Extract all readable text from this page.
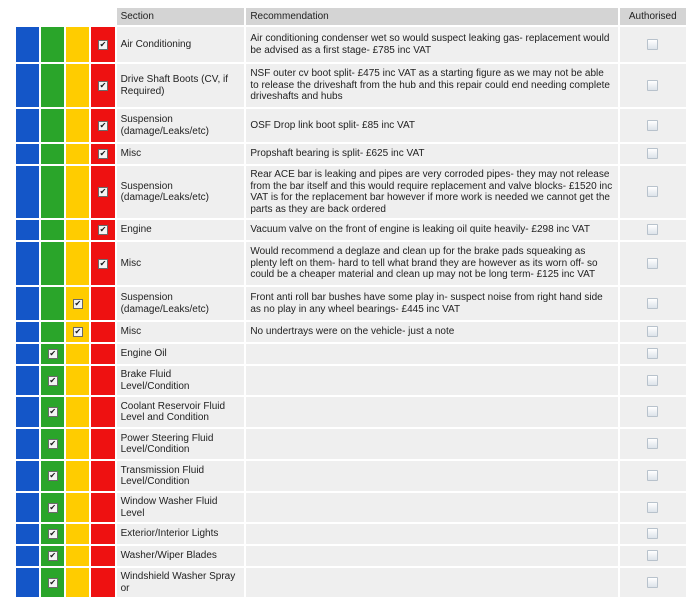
				Section	Recommendation	Authorised

✔	Air Conditioning	Air conditioning condenser wet so would suspect leaking gas- replacement would be advised as a first stage- £785 inc VAT	

✔	Drive Shaft Boots (CV, if Required)	NSF outer cv boot split- £475 inc VAT as a starting figure as we may not be able to release the driveshaft from the hub and this repair could end needing complete driveshafts and hubs	

✔	Suspension (damage/Leaks/etc)	OSF Drop link boot split- £85 inc VAT	

✔	Misc	Propshaft bearing is split- £625 inc VAT	

✔	Suspension (damage/Leaks/etc)	Rear ACE bar is leaking and pipes are very corroded pipes- they may not release from the bar itself and this would require replacement and valve blocks- £1520 inc VAT is for the replacement bar however if more work is needed we cannot get the parts as they are back ordered	

✔	Engine	Vacuum valve on the front of engine is leaking oil quite heavily- £298 inc VAT	

✔	Misc	Would recommend a deglaze and clean up for the brake pads squeaking as plenty left on them- hard to tell what brand they are however as its worn off- so could be a cheaper material and clean up may not be long term- £125 inc VAT	

✔		Suspension (damage/Leaks/etc)	Front anti roll bar bushes have some play in- suspect noise from right hand side as no play in any wheel bearings- £445 inc VAT	

✔		Misc	No undertrays were on the vehicle- just a note	

✔			Engine Oil		

✔			Brake Fluid Level/Condition		

✔			Coolant Reservoir Fluid Level and Condition		

✔			Power Steering Fluid Level/Condition		

✔			Transmission Fluid Level/Condition		

✔			Window Washer Fluid Level		

✔			Exterior/Interior Lights		

✔			Washer/Wiper Blades		

✔			Windshield Washer Spray or		
